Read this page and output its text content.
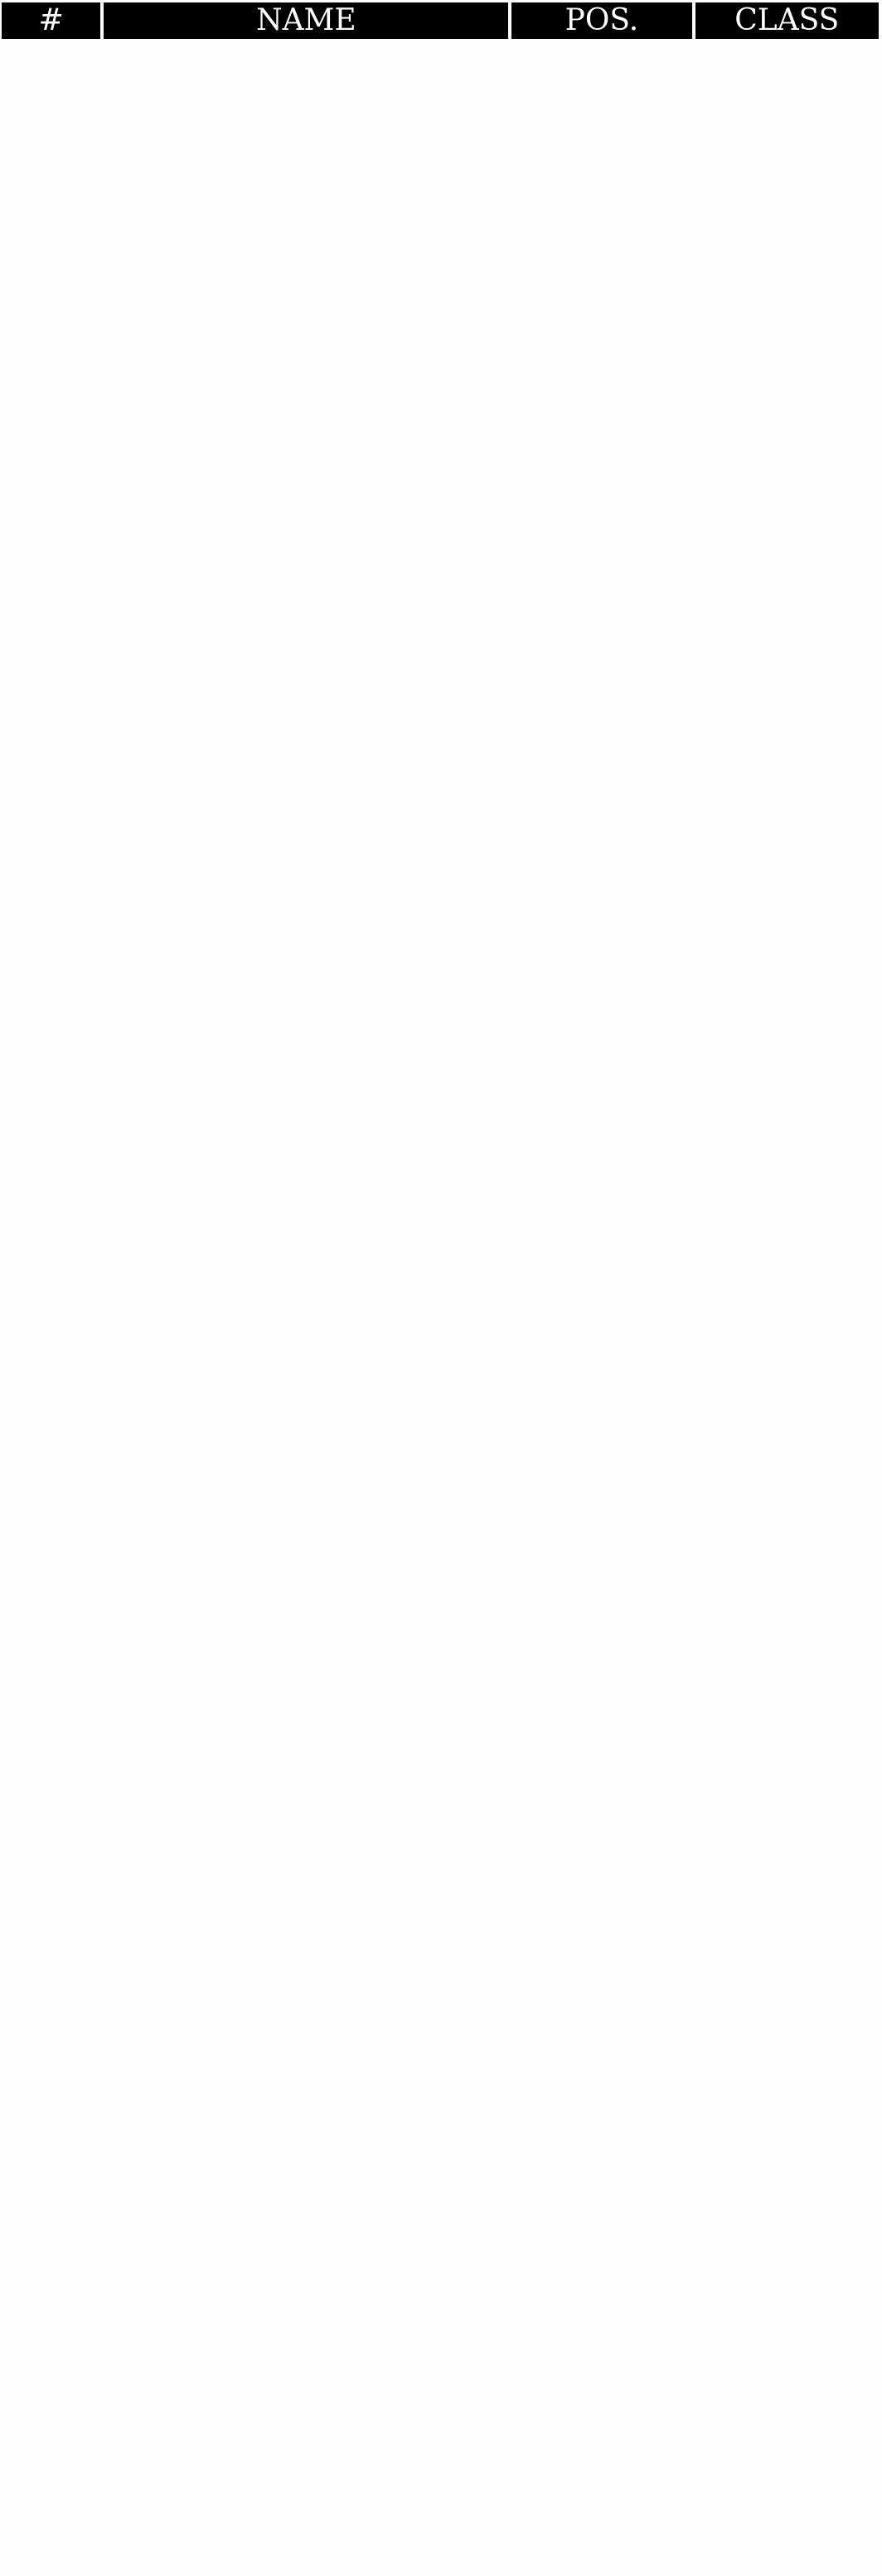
#	NAME	POS.	CLASS
